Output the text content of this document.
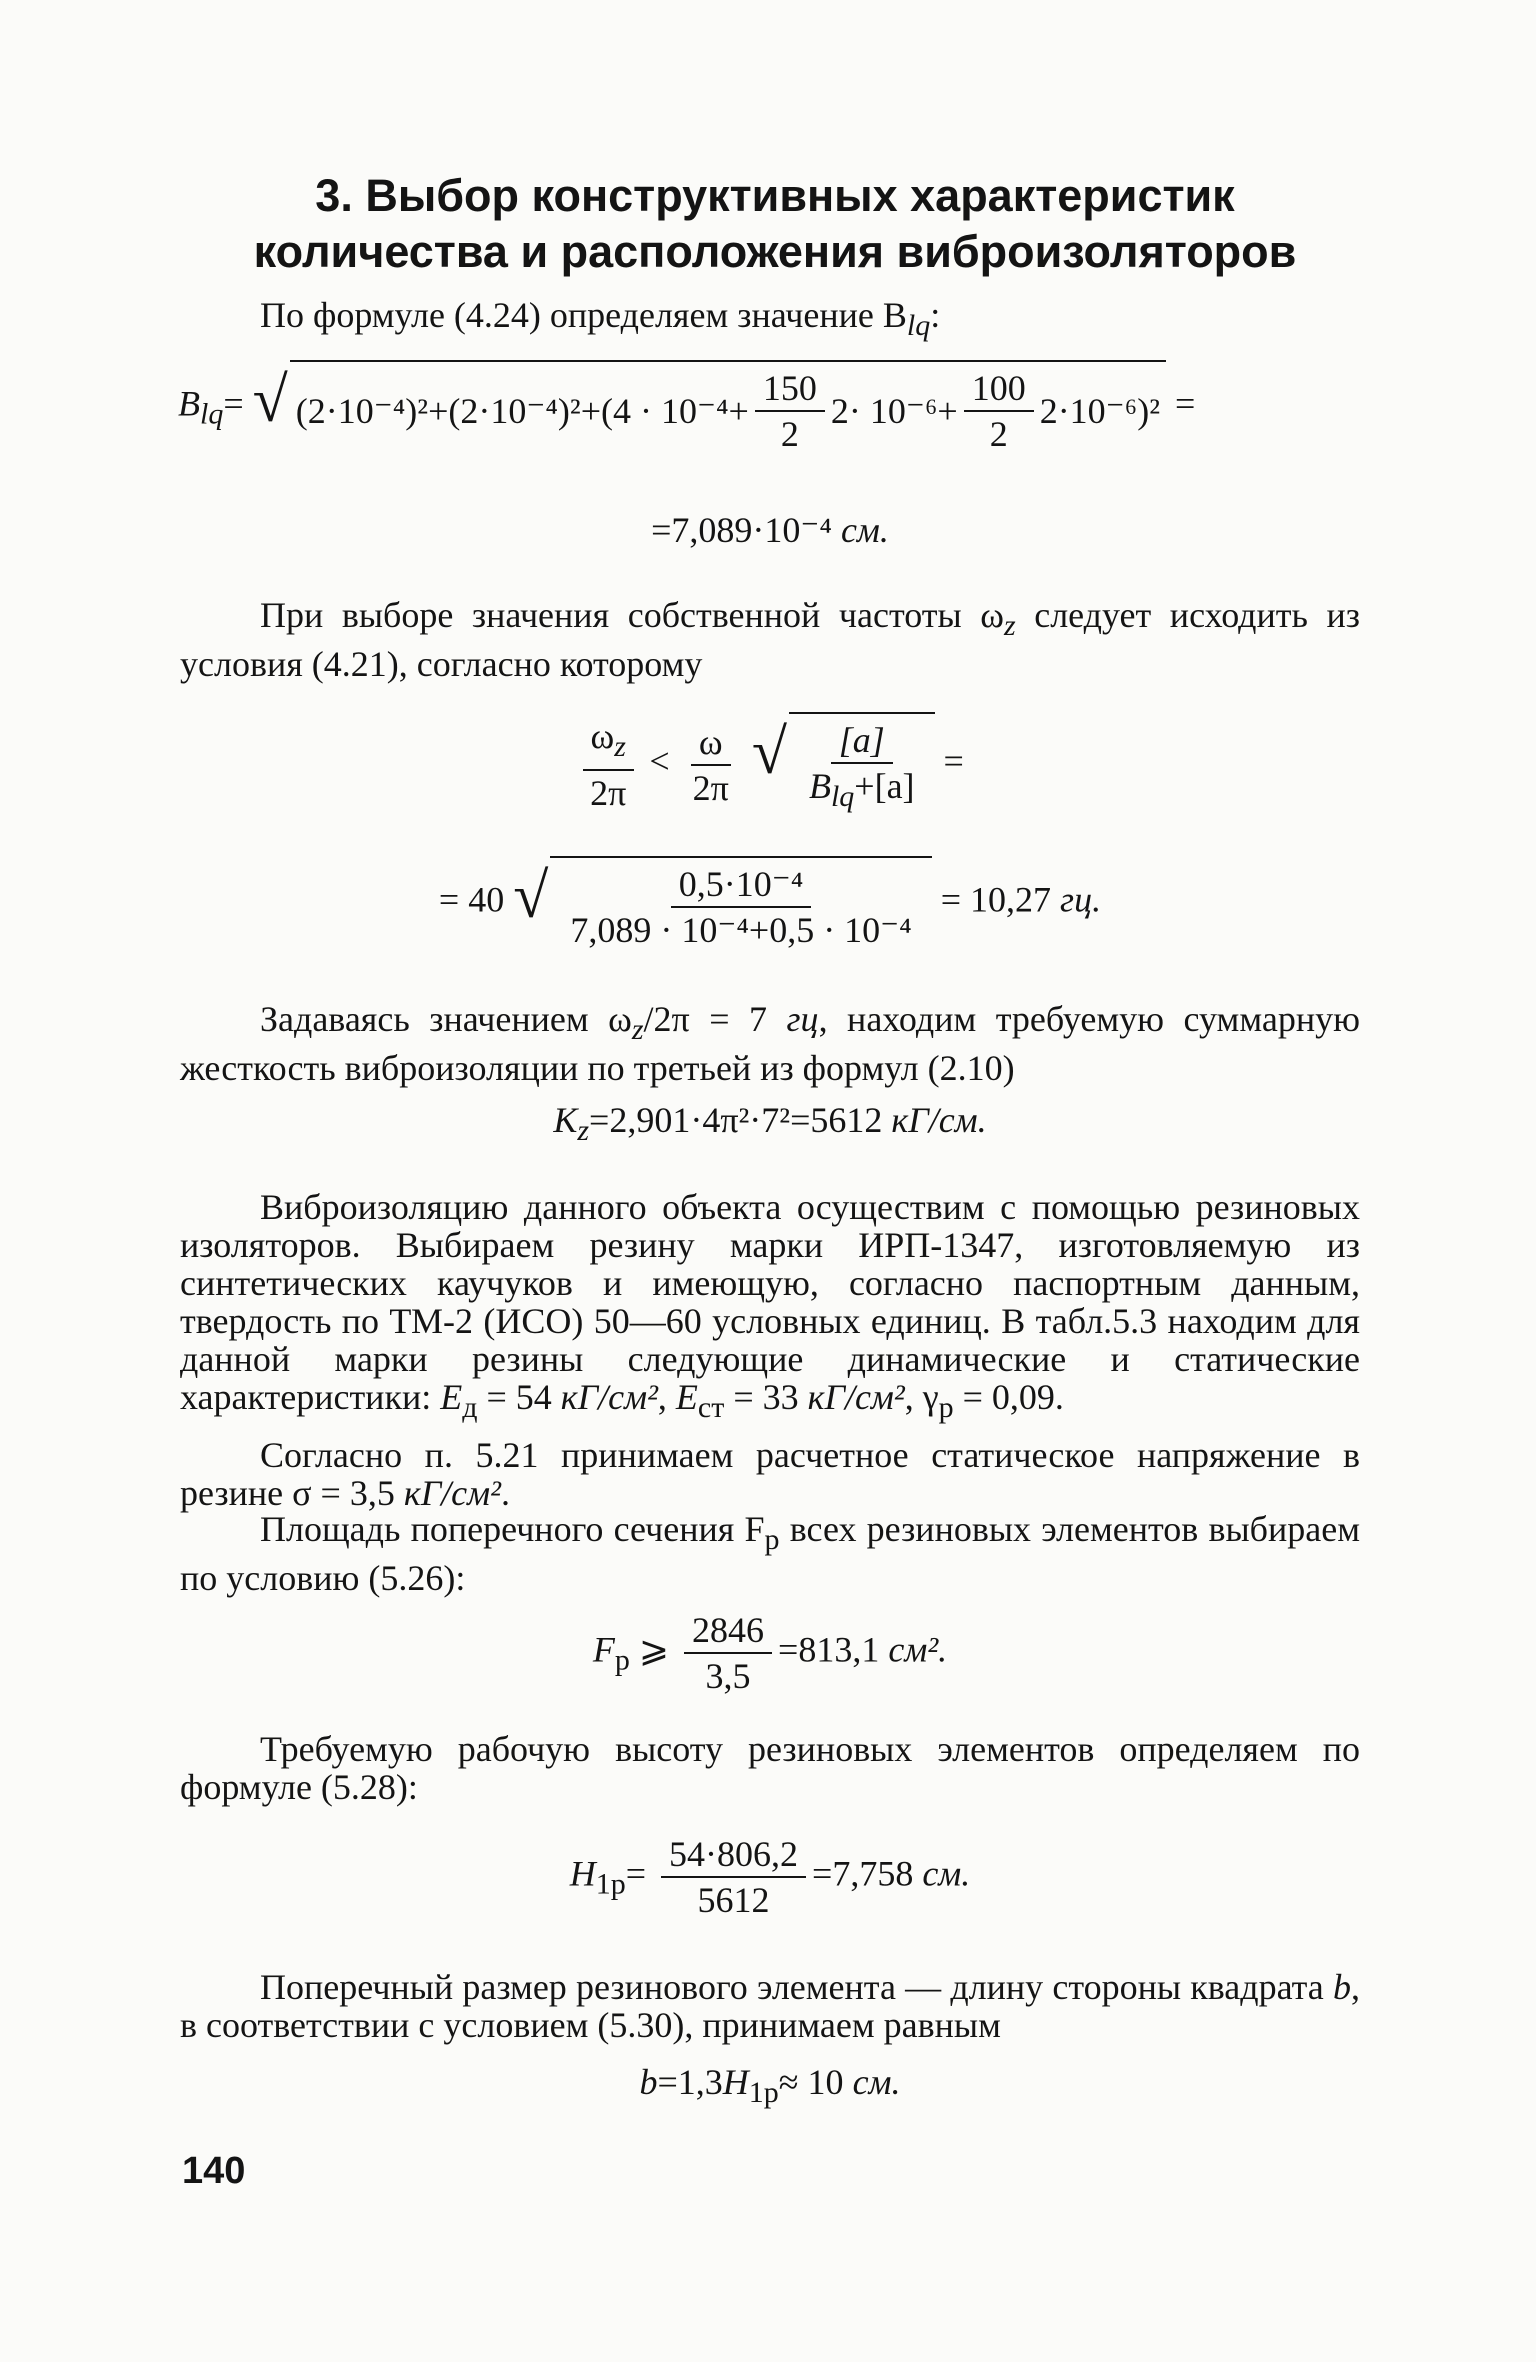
3. Выбор конструктивных характеристик
количества и расположения виброизоляторов
По формуле (4.24) определяем значение $B_{lq}$:
$B_{lq}=$ √ $(2\cdot 10^{-4})^2+(2\cdot 10^{-4})^2+(4 \cdot 10^{-4}+ \frac{150}{2} 2\cdot 10^{-6}+ \frac{100}{2} 2\cdot 10^{-6})^2$ =
=7,089·10⁻⁴ см.
При выборе значения собственной частоты $\omega_z$ следует исходить из условия (4.21), согласно которому
$\frac{\omega_z}{2\pi} < \frac{\omega}{2\pi}$
√ $\frac{[a]}{B_{lq}+[a]}$ =
= 40 √ $\frac{\text{0,5·10⁻⁴}}{\text{7,089 · 10⁻⁴+0,5 · 10⁻⁴}} = 10,27$ гц.
Задаваясь значением $\omega_z/2\pi = 7$ гц, находим требуемую суммарную жесткость виброизоляции по третьей из формул (2.10)
$K_z=2,901\cdot 4\pi^2\cdot 7^2=5612$ кГ/см.
Виброизоляцию данного объекта осуществим с помощью резиновых изоляторов. Выбираем резину марки ИРП-1347, изготовляемую из синтетических каучуков и имеющую, согласно паспортным данным, твердость по ТМ-2 (ИСО) 50—60 условных единиц. В табл.5.3 находим для данной марки резины следующие динамические и статические характеристики: $E_д = 54$ кГ/см², $E_{ст} = 33$ кГ/см², $\gamma_р = 0,09$.
Согласно п. 5.21 принимаем расчетное статическое напряжение в резине σ = 3,5 кГ/см².
Площадь поперечного сечения $F_р$ всех резиновых элементов выбираем по условию (5.26):
$F_р$ ⩾ $\frac{2846}{3,5} =813,1$ см².
Требуемую рабочую высоту резиновых элементов определяем по формуле (5.28):
$H_{1р}= \frac{54\cdot 806,2}{5612} =7,758$ см.
Поперечный размер резинового элемента — длину стороны квадрата b, в соответствии с условием (5.30), принимаем равным
$b=1,3H_{1р}\approx 10$ см.
140
